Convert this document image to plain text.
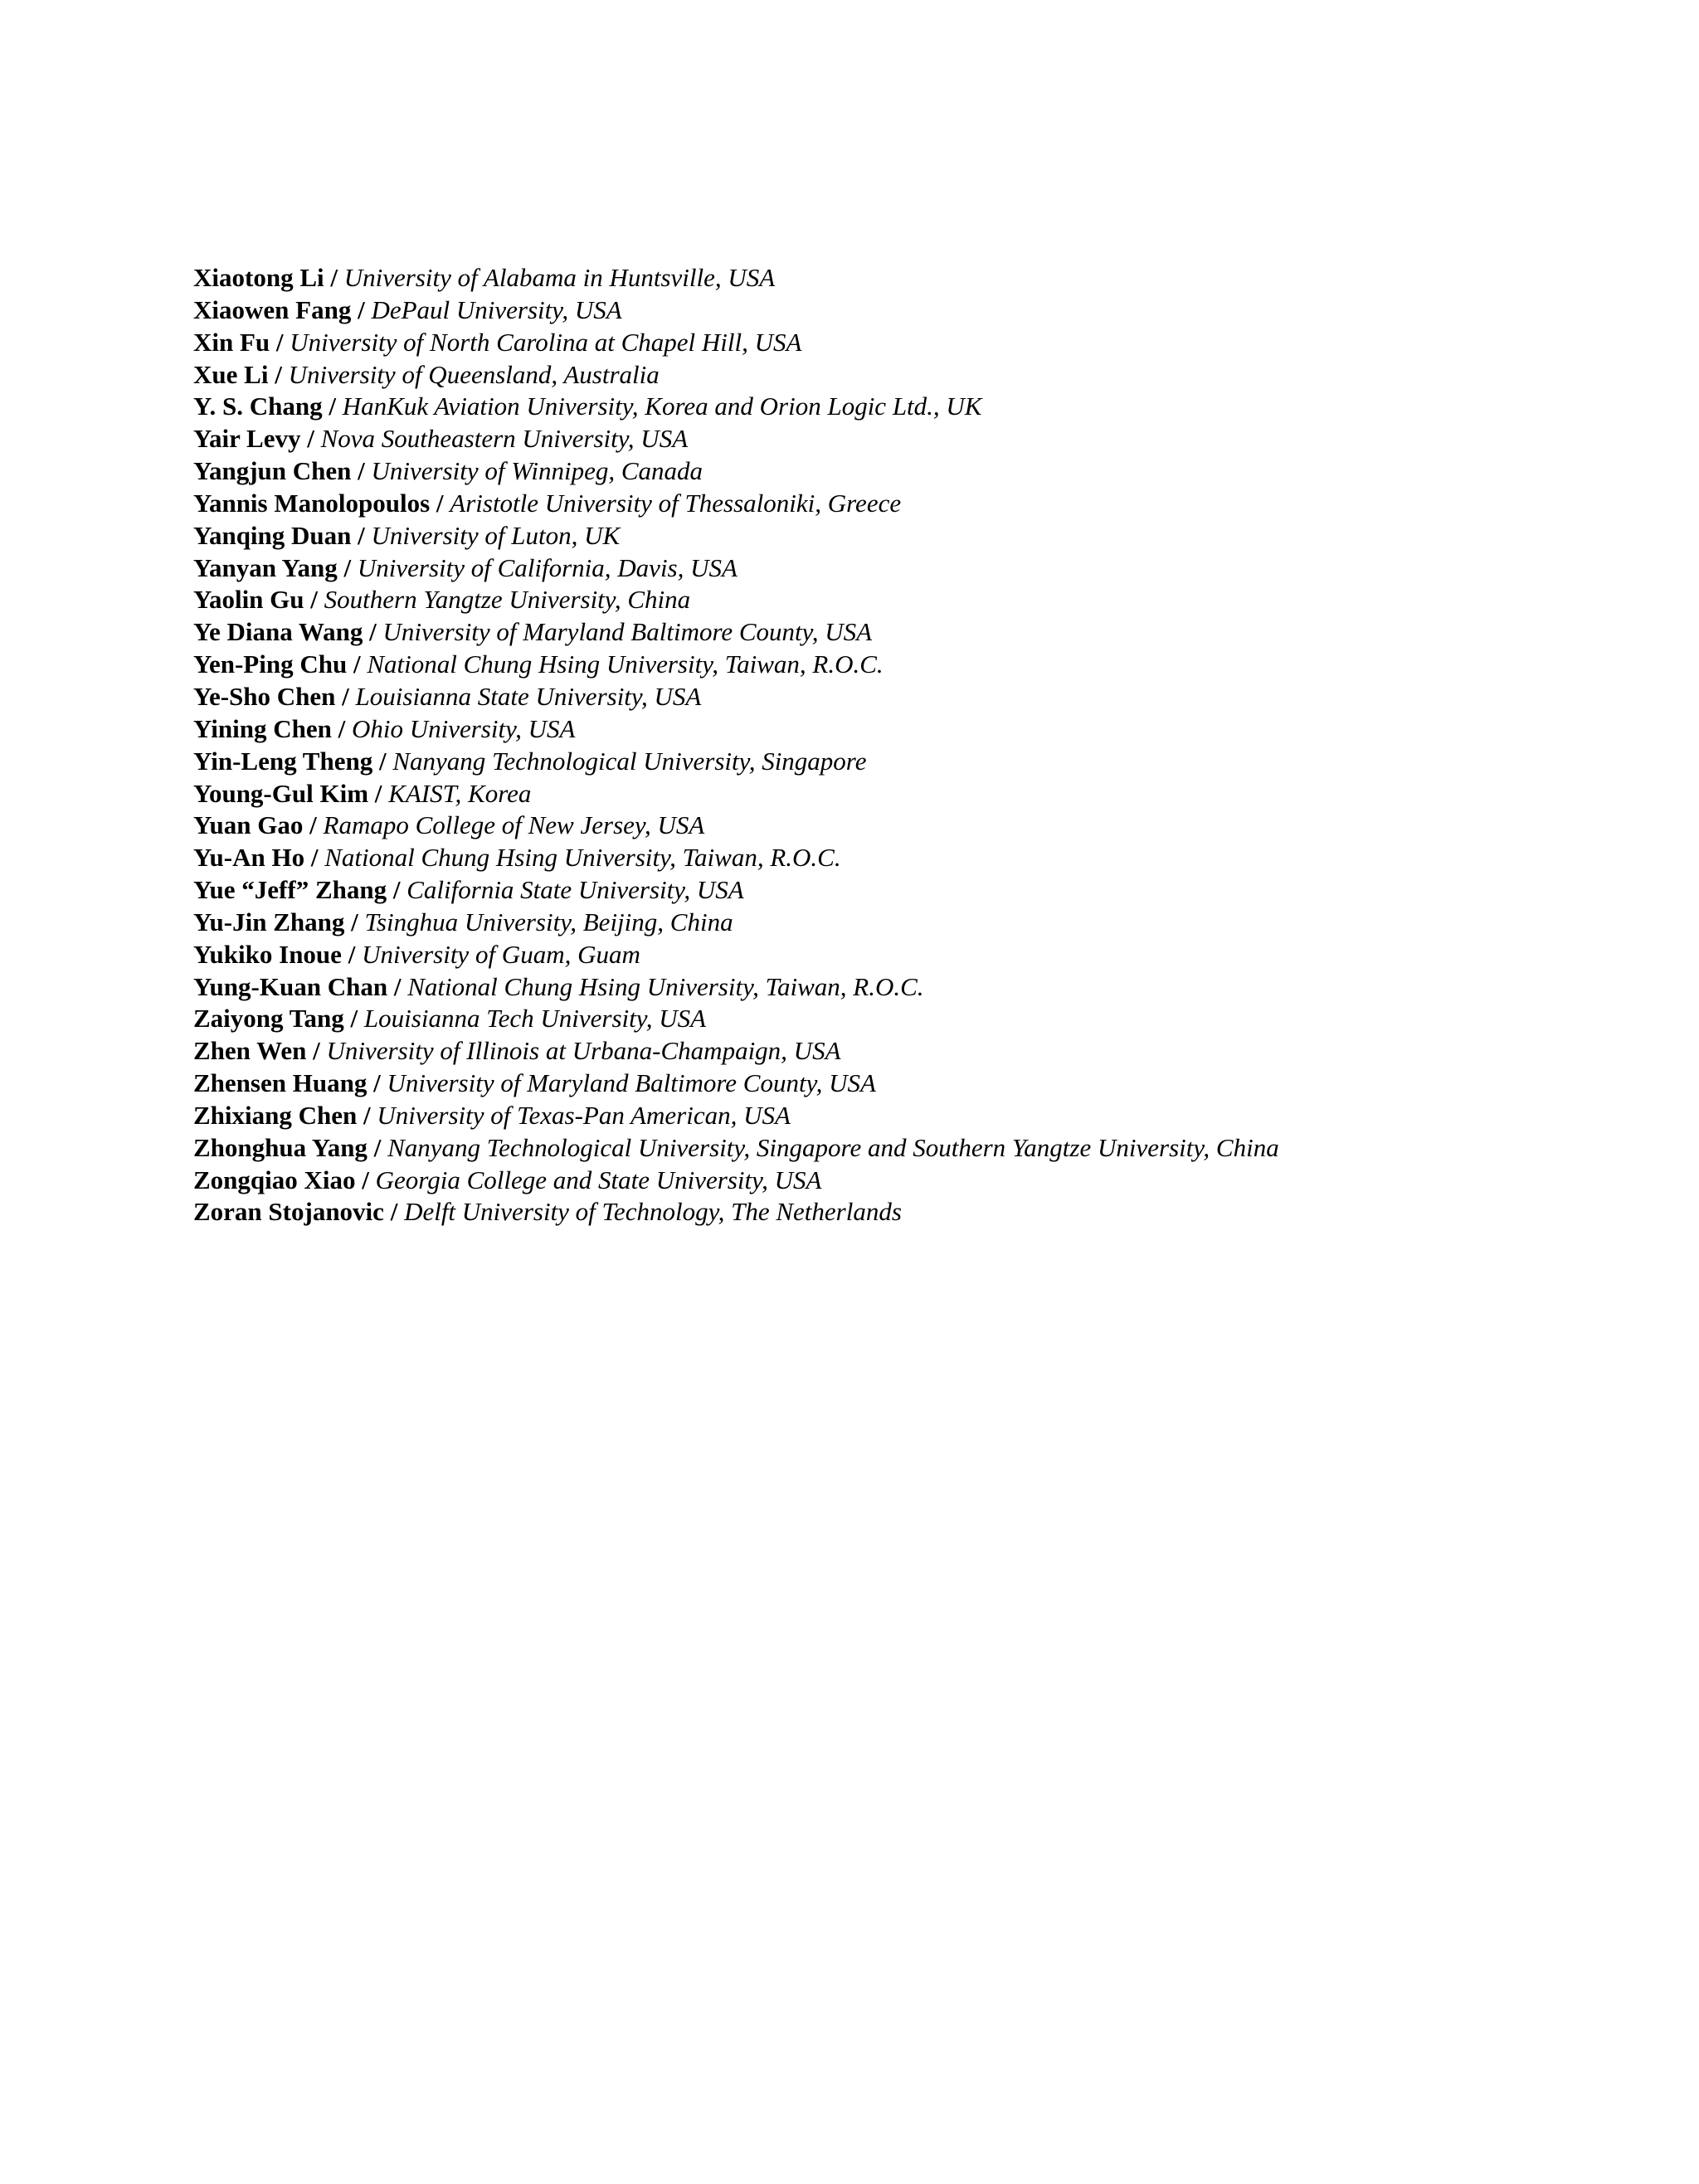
Xiaotong Li / University of Alabama in Huntsville, USA
Xiaowen Fang / DePaul University, USA
Xin Fu / University of North Carolina at Chapel Hill, USA
Xue Li / University of Queensland, Australia
Y. S. Chang / HanKuk Aviation University, Korea and Orion Logic Ltd., UK
Yair Levy / Nova Southeastern University, USA
Yangjun Chen / University of Winnipeg, Canada
Yannis Manolopoulos / Aristotle University of Thessaloniki, Greece
Yanqing Duan / University of Luton, UK
Yanyan Yang / University of California, Davis, USA
Yaolin Gu / Southern Yangtze University, China
Ye Diana Wang / University of Maryland Baltimore County, USA
Yen-Ping Chu / National Chung Hsing University, Taiwan, R.O.C.
Ye-Sho Chen / Louisianna State University, USA
Yining Chen / Ohio University, USA
Yin-Leng Theng / Nanyang Technological University, Singapore
Young-Gul Kim / KAIST, Korea
Yuan Gao / Ramapo College of New Jersey, USA
Yu-An Ho / National Chung Hsing University, Taiwan, R.O.C.
Yue “Jeff” Zhang / California State University, USA
Yu-Jin Zhang / Tsinghua University, Beijing, China
Yukiko Inoue / University of Guam, Guam
Yung-Kuan Chan / National Chung Hsing University, Taiwan, R.O.C.
Zaiyong Tang / Louisianna Tech University, USA
Zhen Wen / University of Illinois at Urbana-Champaign, USA
Zhensen Huang / University of Maryland Baltimore County, USA
Zhixiang Chen / University of Texas-Pan American, USA
Zhonghua Yang / Nanyang Technological University, Singapore and Southern Yangtze University, China
Zongqiao Xiao / Georgia College and State University, USA
Zoran Stojanovic / Delft University of Technology, The Netherlands
